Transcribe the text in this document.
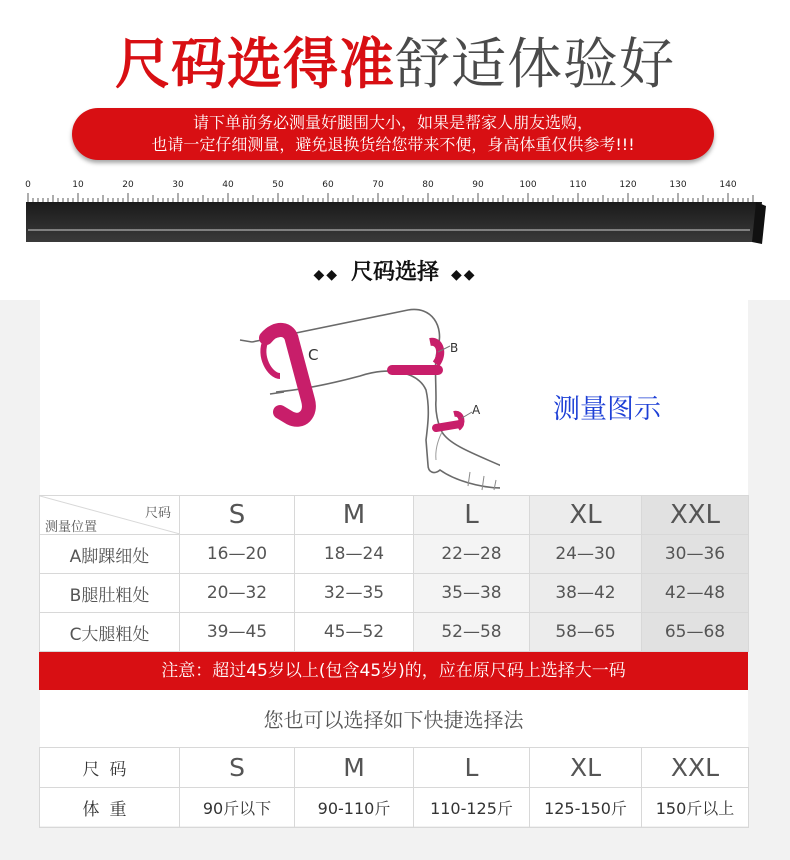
尺码选得准舒适体验好
请下单前务必测量好腿围大小，如果是帮家人朋友选购，
也请一定仔细测量，避免退换货给您带来不便，身高体重仅供参考!!!
0	10	20	30	40	50	60	70	80	90	100	110	120	130	140
◆◆ 尺码选择 ◆◆
C	B
A	测量图示
尺码
测量位置	S	M	L	XL	XXL
A脚踝细处	16—20	18—24	22—28	24—30	30—36
B腿肚粗处	20—32	32—35	35—38	38—42	42—48
C大腿粗处	39—45	45—52	52—58	58—65	65—68
注意：超过45岁以上(包含45岁)的，应在原尺码上选择大一码
您也可以选择如下快捷选择法
尺码	S	M	L	XL	XXL
体重	90斤以下	90-110斤	110-125斤	125-150斤	150斤以上
